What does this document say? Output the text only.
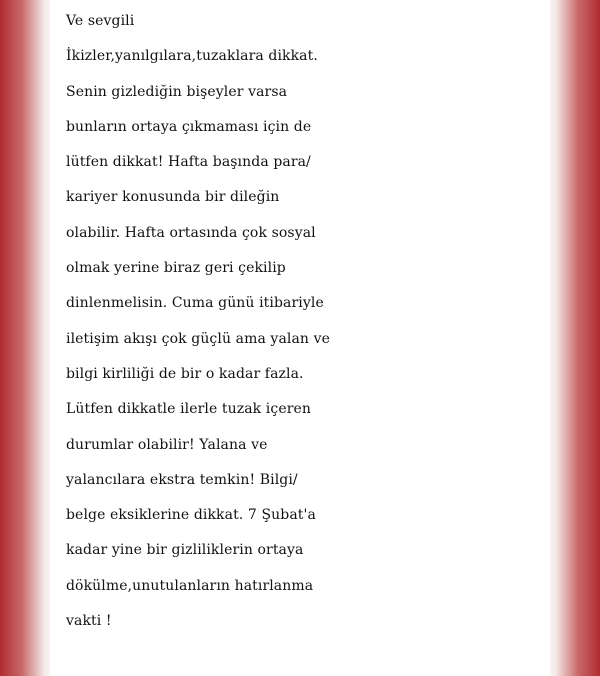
Ve sevgili
İkizler,yanılgılara,tuzaklara dikkat.
Senin gizlediğin bişeyler varsa
bunların ortaya çıkmaması için de
lütfen dikkat! Hafta başında para/
kariyer konusunda bir dileğin
olabilir. Hafta ortasında çok sosyal
olmak yerine biraz geri çekilip
dinlenmelisin. Cuma günü itibariyle
iletişim akışı çok güçlü ama yalan ve
bilgi kirliliği de bir o kadar fazla.
Lütfen dikkatle ilerle tuzak içeren
durumlar olabilir! Yalana ve
yalancılara ekstra temkin! Bilgi/
belge eksiklerine dikkat. 7 Şubat'a
kadar yine bir gizliliklerin ortaya
dökülme,unutulanların hatırlanma
vakti !
